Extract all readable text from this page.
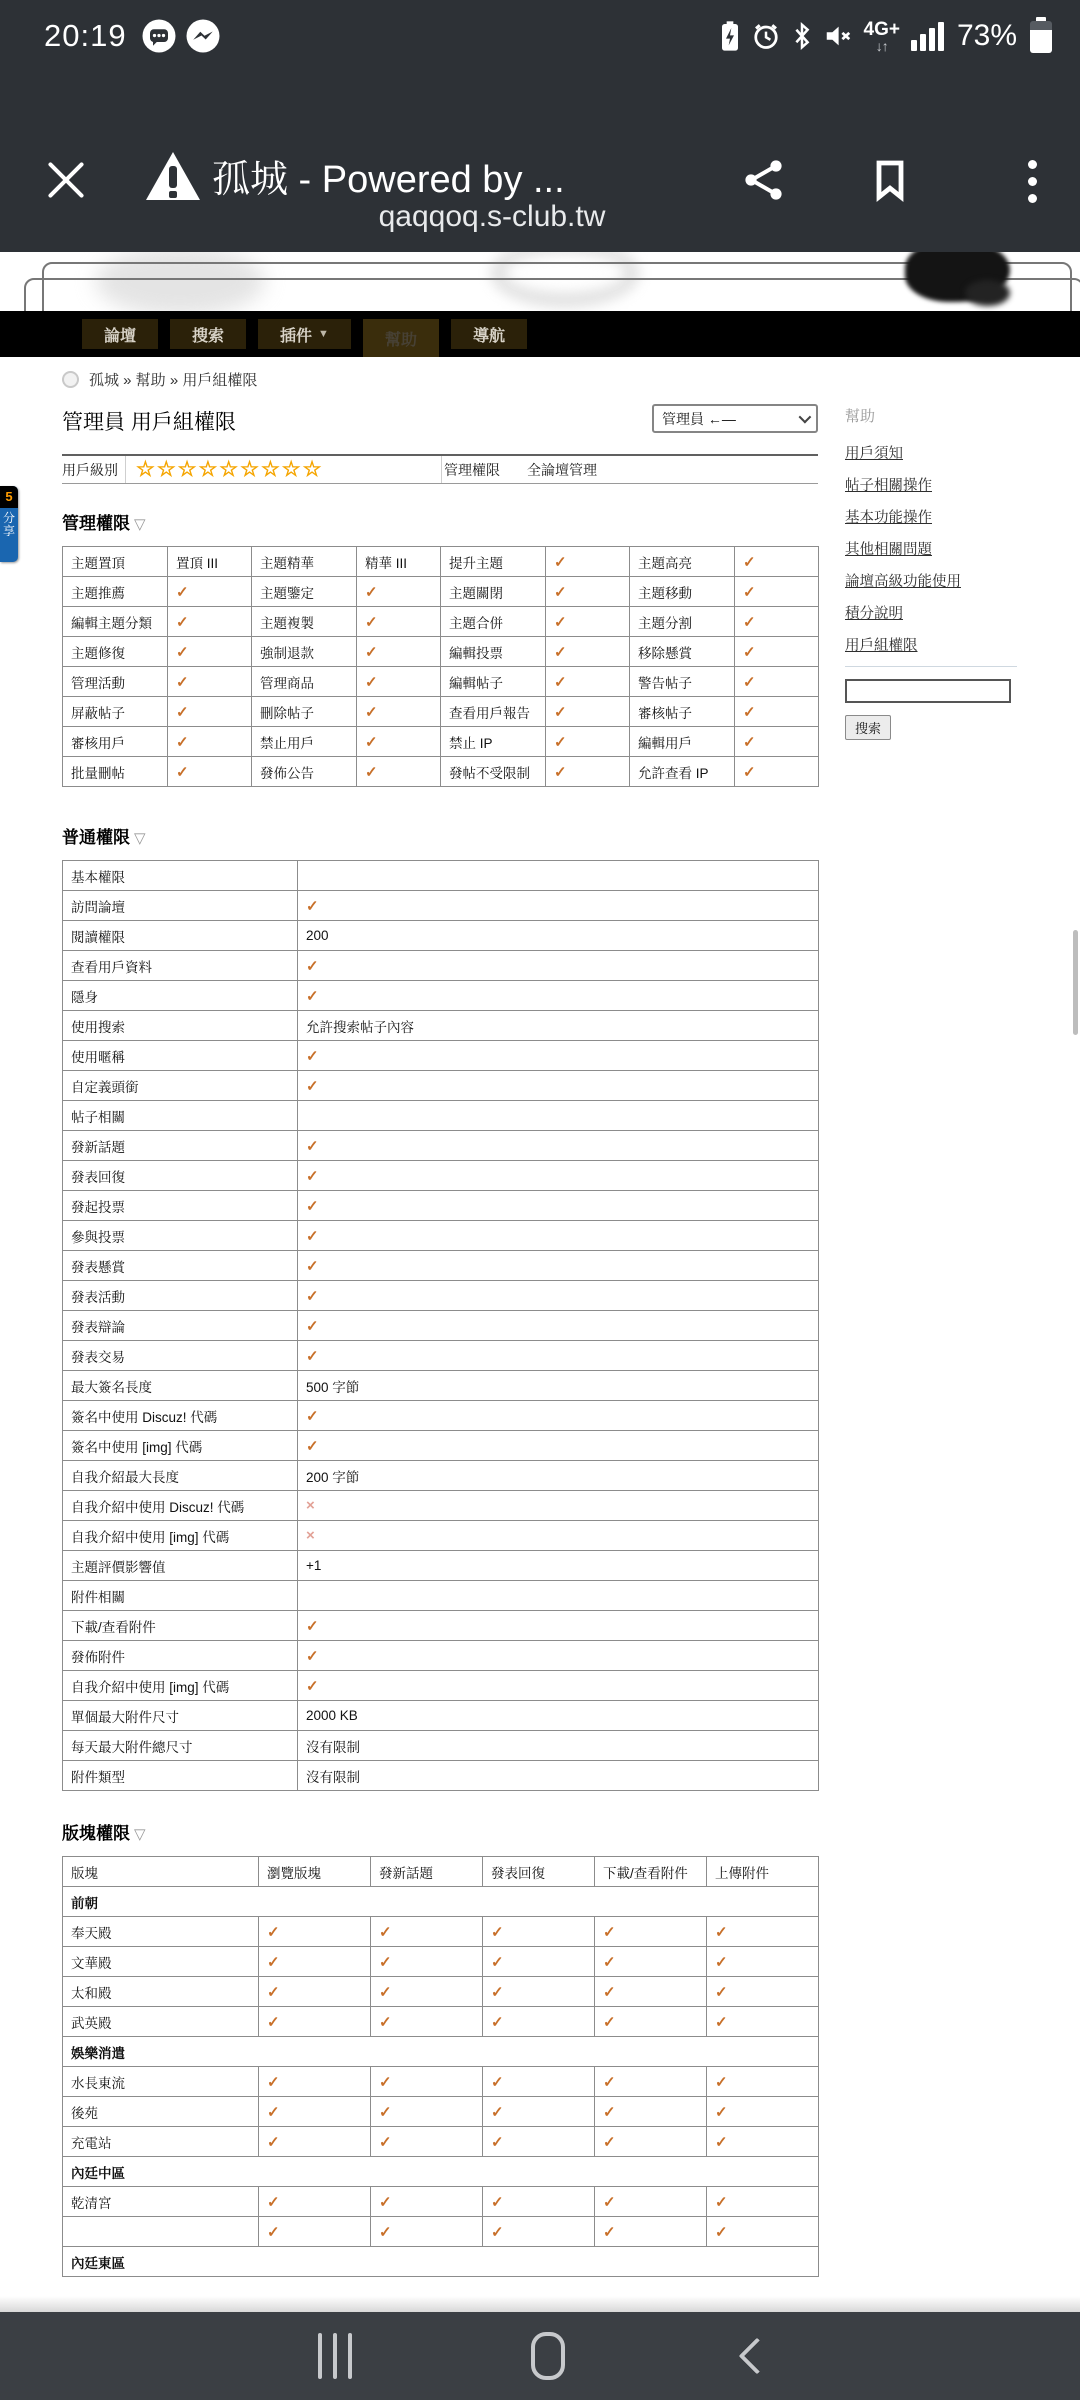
20:19	4G+
↓↑ 73%
孤城 - Powered by ...
qaqqoq.s-club.tw
論壇	搜索	插件 ▼	幫助	導航
孤城 » 幫助 » 用戶組權限
管理員 用戶組權限	管理員 ←—
用戶級別 ☆☆☆☆☆☆☆☆☆	管理權限	全論壇管理
管理權限 ▽
主題置頂	置頂 III	主題精華	精華 III	提升主題	✓	主題高亮	✓
主題推薦	✓	主題鑒定	✓	主題關閉	✓	主題移動	✓
編輯主題分類	✓	主題複製	✓	主題合併	✓	主題分割	✓
主題修復	✓	強制退款	✓	編輯投票	✓	移除懸賞	✓
管理活動	✓	管理商品	✓	編輯帖子	✓	警告帖子	✓
屏蔽帖子	✓	刪除帖子	✓	查看用戶報告	✓	審核帖子	✓
審核用戶	✓	禁止用戶	✓	禁止 IP	✓	編輯用戶	✓
批量刪帖	✓	發佈公告	✓	發帖不受限制	✓	允許查看 IP	✓
普通權限 ▽
基本權限	
訪問論壇	✓
閱讀權限	200
查看用戶資料	✓
隱身	✓
使用搜索	允許搜索帖子內容
使用暱稱	✓
自定義頭銜	✓
帖子相關	
發新話題	✓
發表回復	✓
發起投票	✓
參與投票	✓
發表懸賞	✓
發表活動	✓
發表辯論	✓
發表交易	✓
最大簽名長度	500 字節
簽名中使用 Discuz! 代碼	✓
簽名中使用 [img] 代碼	✓
自我介紹最大長度	200 字節
自我介紹中使用 Discuz! 代碼	×
自我介紹中使用 [img] 代碼	×
主題評價影響值	+1
附件相關	
下載/查看附件	✓
發佈附件	✓
自我介紹中使用 [img] 代碼	✓
單個最大附件尺寸	2000 KB
每天最大附件總尺寸	沒有限制
附件類型	沒有限制
版塊權限 ▽
版塊	瀏覽版塊	發新話題	發表回復	下載/查看附件	上傳附件
前朝					
奉天殿	✓	✓	✓	✓	✓
文華殿	✓	✓	✓	✓	✓
太和殿	✓	✓	✓	✓	✓
武英殿	✓	✓	✓	✓	✓
娛樂消遣					
水長東流	✓	✓	✓	✓	✓
後苑	✓	✓	✓	✓	✓
充電站	✓	✓	✓	✓	✓
內廷中區					
乾清宮	✓	✓	✓	✓	✓
	✓	✓	✓	✓	✓
內廷東區					
幫助
用戶須知
帖子相關操作
基本功能操作
其他相關問題
論壇高級功能使用
積分說明
用戶組權限
搜索
5
分享
